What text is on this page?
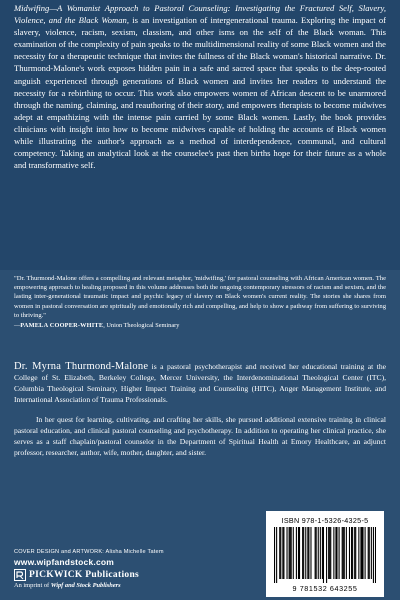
Midwifing—A Womanist Approach to Pastoral Counseling: Investigating the Fractured Self, Slavery, Violence, and the Black Woman, is an investigation of intergenerational trauma. Exploring the impact of slavery, violence, racism, sexism, classism, and other isms on the self of the Black woman. This examination of the complexity of pain speaks to the multidimensional reality of some Black women and the necessity for a therapeutic technique that invites the fullness of the Black woman's historical narrative. Dr. Thurmond-Malone's work exposes hidden pain in a safe and sacred space that speaks to the deep-rooted anguish experienced through generations of Black women and invites her readers to understand the necessity for a rebirthing to occur. This work also empowers women of African descent to be unarmored through the naming, claiming, and reauthoring of their story, and empowers therapists to become midwives adept at empathizing with the intense pain carried by some Black women. Lastly, the book provides clinicians with insight into how to become midwives capable of holding the accounts of Black women while illustrating the author's approach as a method of interdependence, communal, and cultural competency. Taking an analytical look at the counselee's past then births hope for their future as a whole and transformative self.

"Dr. Thurmond-Malone offers a compelling and relevant metaphor, 'midwifing,' for pastoral counseling with African American women. The empowering approach to healing proposed in this volume addresses both the ongoing contemporary stressors of racism and sexism, and the lasting inter-generational traumatic impact and psychic legacy of slavery on Black women's current reality. The stories she shares from women in pastoral conversation are spiritually and emotionally rich and compelling, and help to show a pathway from suffering to surviving to thriving."
—PAMELA COOPER-WHITE, Union Theological Seminary

Dr. Myrna Thurmond-Malone is a pastoral psychotherapist and received her educational training at the College of St. Elizabeth, Berkeley College, Mercer University, the Interdenominational Theological Center (ITC), Columbia Theological Seminary, Higher Impact Training and Counseling (HITC), Anger Management Institute, and International Association of Trauma Professionals.

In her quest for learning, cultivating, and crafting her skills, she pursued additional extensive training in clinical pastoral education, and clinical pastoral counseling and psychotherapy. In addition to operating her clinical practice, she serves as a staff chaplain/pastoral counselor in the Department of Spiritual Health at Emory Healthcare, an adjunct professor, researcher, author, wife, mother, daughter, and sister.

COVER DESIGN and ARTWORK: Alisha Michelle Tatem
www.wipfandstock.com
PICKWICK Publications
An imprint of Wipf and Stock Publishers
ISBN 978-1-5326-4325-5
9 781532 643255
